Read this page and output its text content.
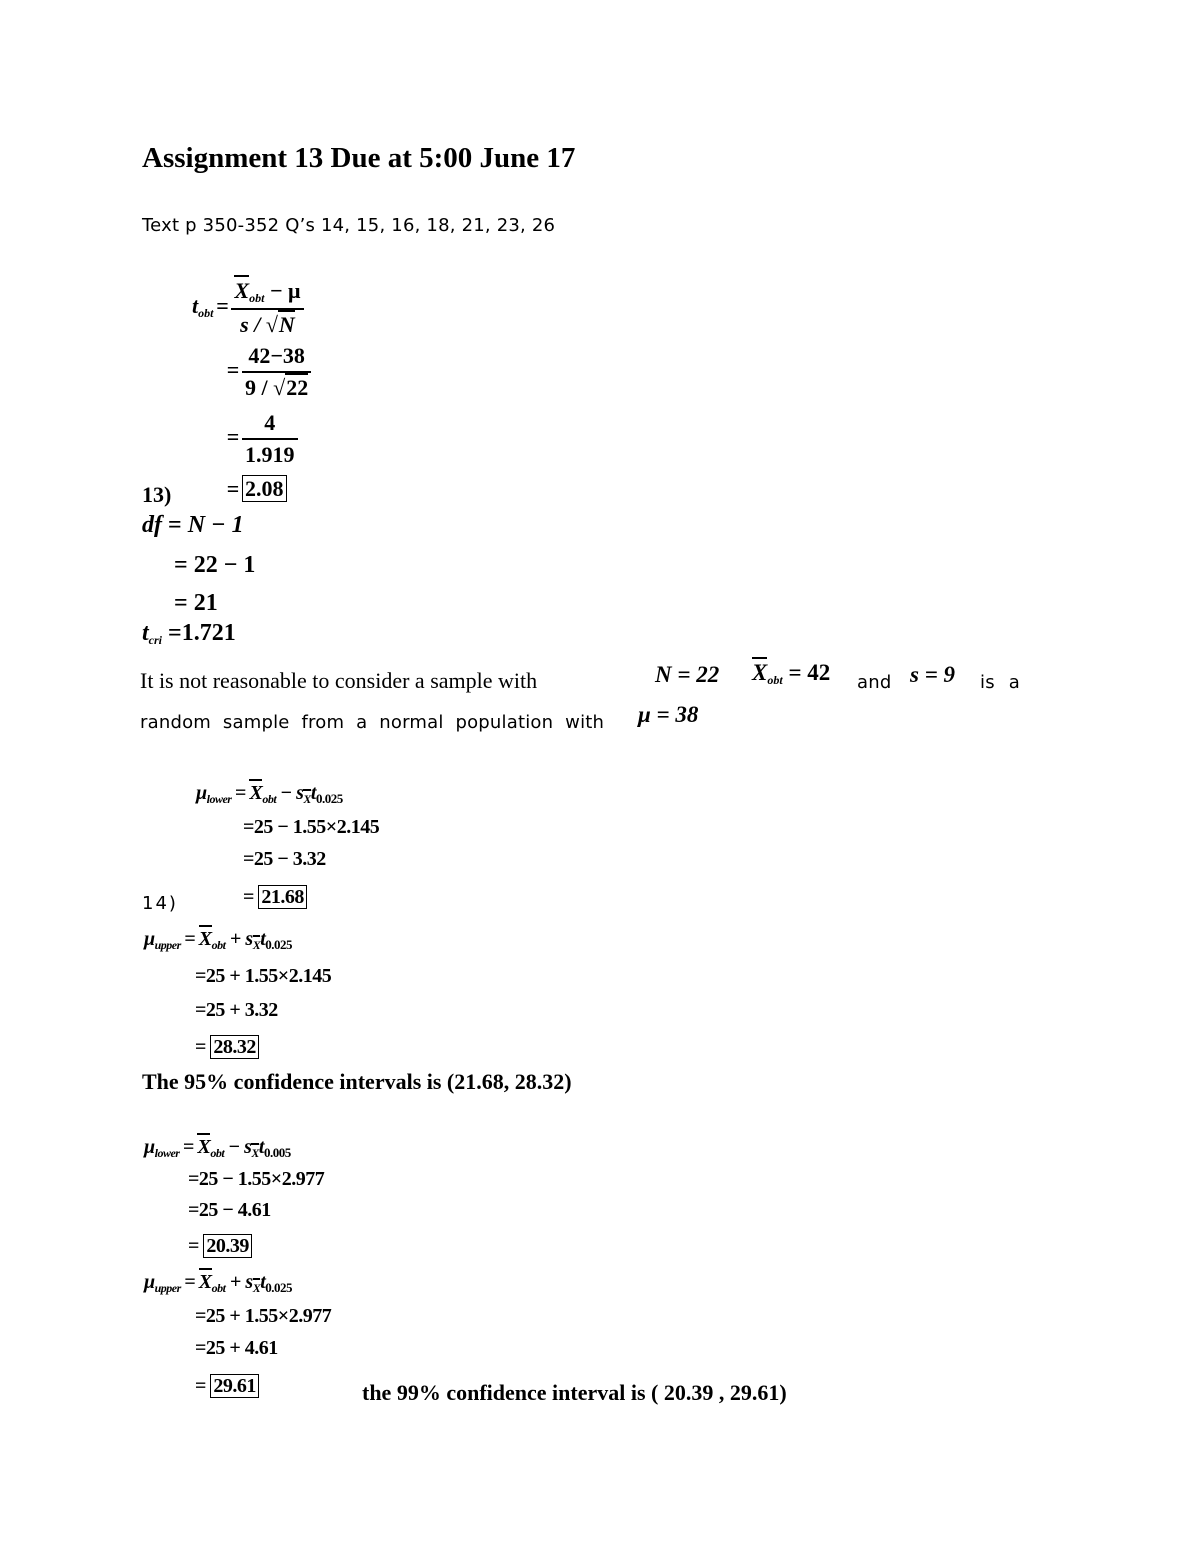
Assignment 13 Due at 5:00 June 17
Text p 350-352 Q’s 14, 15, 16, 18, 21, 23, 26
$t_{obt} = \frac{X_{obt} - \mu}{s / √N}$
= $\frac{42-38}{9 / √22}$
= $\frac{4}{1.919}$
13)	= 2.08
df = N − 1
= 22 − 1
= 21
$t_{cri} =1.721$
It is not reasonable to consider a sample with	N = 22 $X_{obt} = 42$ and s = 9 is a
random sample from a normal population with μ = 38
$\mu_{lower} = X_{obt} - s_Xt_{0.025}$
=25 − 1.55×2.145
=25 − 3.32
14)	= 21.68
$\mu_{upper} = X_{obt} + s_Xt_{0.025}$
=25 + 1.55×2.145
=25 + 3.32
= 28.32
The 95% confidence intervals is (21.68, 28.32)
$\mu_{lower} = X_{obt} - s_Xt_{0.005}$
=25 − 1.55×2.977
=25 − 4.61
= 20.39
$\mu_{upper} = X_{obt} + s_Xt_{0.025}$
=25 + 1.55×2.977
=25 + 4.61
= 29.61	the 99% confidence interval is ( 20.39 , 29.61)
